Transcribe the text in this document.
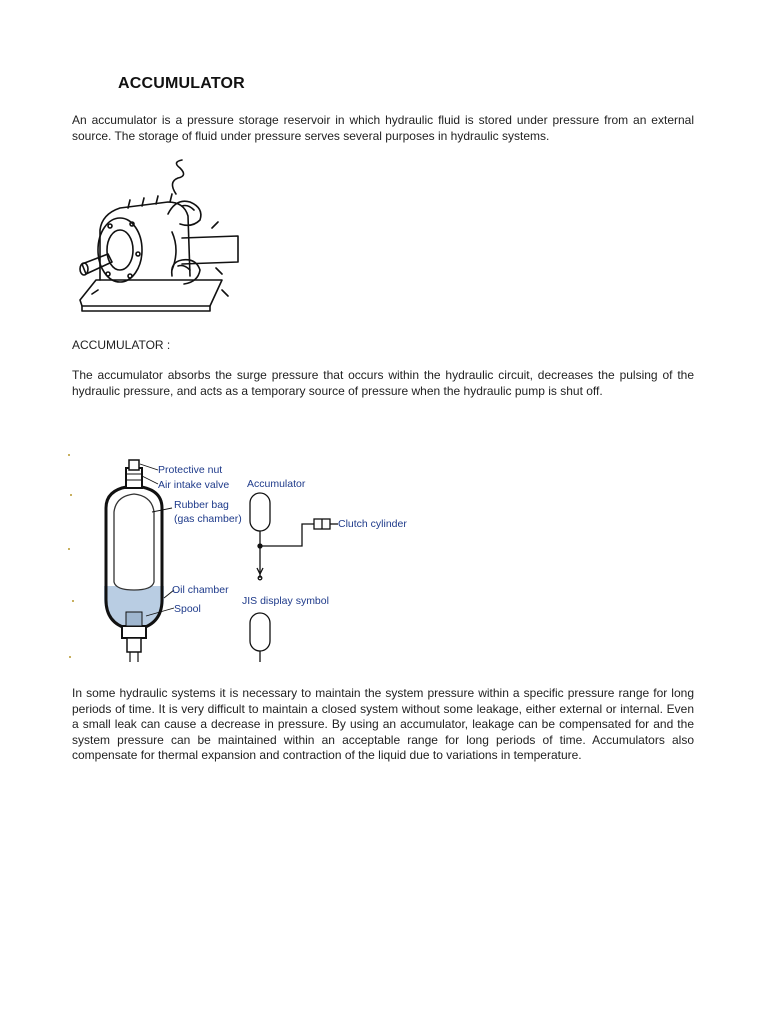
ACCUMULATOR
An accumulator is a pressure storage reservoir in which hydraulic fluid is stored under pressure from an external source. The storage of fluid under pressure serves several purposes in hydraulic systems.
ACCUMULATOR :
The accumulator absorbs the surge pressure that occurs within the hydraulic circuit, decreases the pulsing of the hydraulic pressure, and acts as a temporary source of pressure when the hydraulic pump is shut off.
Protective nut
Air intake valve
Rubber bag
(gas chamber)
Oil chamber
Spool
Accumulator
Clutch cylinder
JIS display symbol
In some hydraulic systems it is necessary to maintain the system pressure within a specific pressure range for long periods of time. It is very difficult to maintain a closed system without some leakage, either external or internal. Even a small leak can cause a decrease in pressure. By using an accumulator, leakage can be compensated for and the system pressure can be maintained within an acceptable range for long periods of time. Accumulators also compensate for thermal expansion and contraction of the liquid due to variations in temperature.
